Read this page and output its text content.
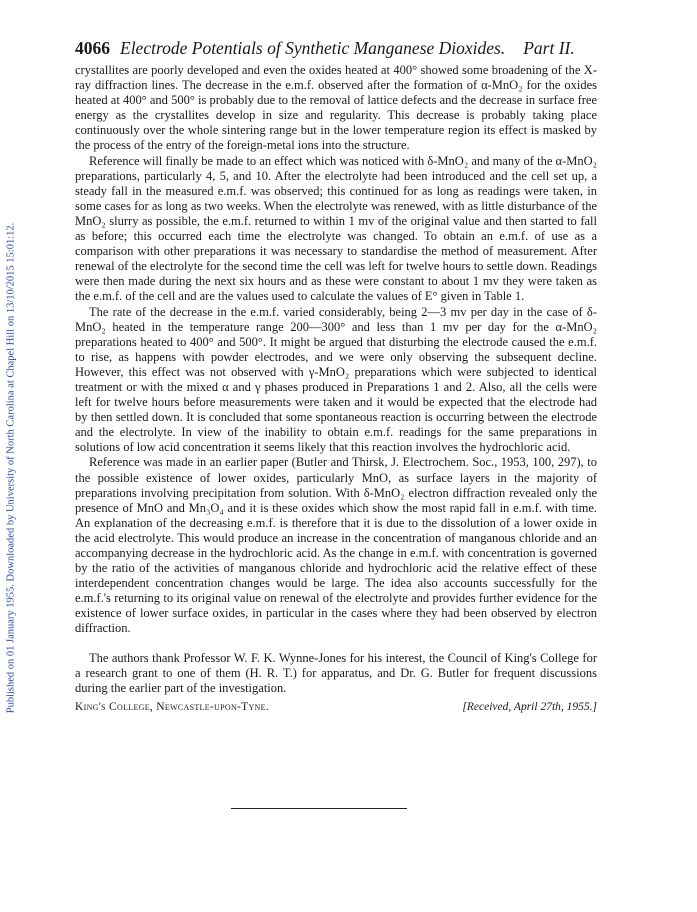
Published on 01 January 1955. Downloaded by University of North Carolina at Chapel Hill on 13/10/2015 15:01:12.
4066 Electrode Potentials of Synthetic Manganese Dioxides. Part II.

crystallites are poorly developed and even the oxides heated at 400° showed some broadening of the X-ray diffraction lines. The decrease in the e.m.f. observed after the formation of α-MnO₂ for the oxides heated at 400° and 500° is probably due to the removal of lattice defects and the decrease in surface free energy as the crystallites develop in size and regularity. This decrease is probably taking place continuously over the whole sintering range but in the lower temperature region its effect is masked by the process of the entry of the foreign-metal ions into the structure.

Reference will finally be made to an effect which was noticed with δ-MnO₂ and many of the α-MnO₂ preparations, particularly 4, 5, and 10. After the electrolyte had been introduced and the cell set up, a steady fall in the measured e.m.f. was observed; this continued for as long as readings were taken, in some cases for as long as two weeks. When the electrolyte was renewed, with as little disturbance of the MnO₂ slurry as possible, the e.m.f. returned to within 1 mv of the original value and then started to fall as before; this occurred each time the electrolyte was changed. To obtain an e.m.f. of use as a comparison with other preparations it was necessary to standardise the method of measurement. After renewal of the electrolyte for the second time the cell was left for twelve hours to settle down. Readings were then made during the next six hours and as these were constant to about 1 mv they were taken as the e.m.f. of the cell and are the values used to calculate the values of E° given in Table 1.

The rate of the decrease in the e.m.f. varied considerably, being 2—3 mv per day in the case of δ-MnO₂ heated in the temperature range 200—300° and less than 1 mv per day for the α-MnO₂ preparations heated to 400° and 500°. It might be argued that disturbing the electrode caused the e.m.f. to rise, as happens with powder electrodes, and we were only observing the subsequent decline. However, this effect was not observed with γ-MnO₂ preparations which were subjected to identical treatment or with the mixed α and γ phases produced in Preparations 1 and 2. Also, all the cells were left for twelve hours before measurements were taken and it would be expected that the electrode had by then settled down. It is concluded that some spontaneous reaction is occurring between the electrode and the electrolyte. In view of the inability to obtain e.m.f. readings for the same preparations in solutions of low acid concentration it seems likely that this reaction involves the hydrochloric acid.

Reference was made in an earlier paper (Butler and Thirsk, J. Electrochem. Soc., 1953, 100, 297), to the possible existence of lower oxides, particularly MnO, as surface layers in the majority of preparations involving precipitation from solution. With δ-MnO₂ electron diffraction revealed only the presence of MnO and Mn₃O₄ and it is these oxides which show the most rapid fall in e.m.f. with time. An explanation of the decreasing e.m.f. is therefore that it is due to the dissolution of a lower oxide in the acid electrolyte. This would produce an increase in the concentration of manganous chloride and an accompanying decrease in the hydrochloric acid. As the change in e.m.f. with concentration is governed by the ratio of the activities of manganous chloride and hydrochloric acid the relative effect of these interdependent concentration changes would be large. The idea also accounts successfully for the e.m.f.'s returning to its original value on renewal of the electrolyte and provides further evidence for the existence of lower surface oxides, in particular in the cases where they had been observed by electron diffraction.

The authors thank Professor W. F. K. Wynne-Jones for his interest, the Council of King's College for a research grant to one of them (H. R. T.) for apparatus, and Dr. G. Butler for frequent discussions during the earlier part of the investigation.

King's College, Newcastle-upon-Tyne.	[Received, April 27th, 1955.]
